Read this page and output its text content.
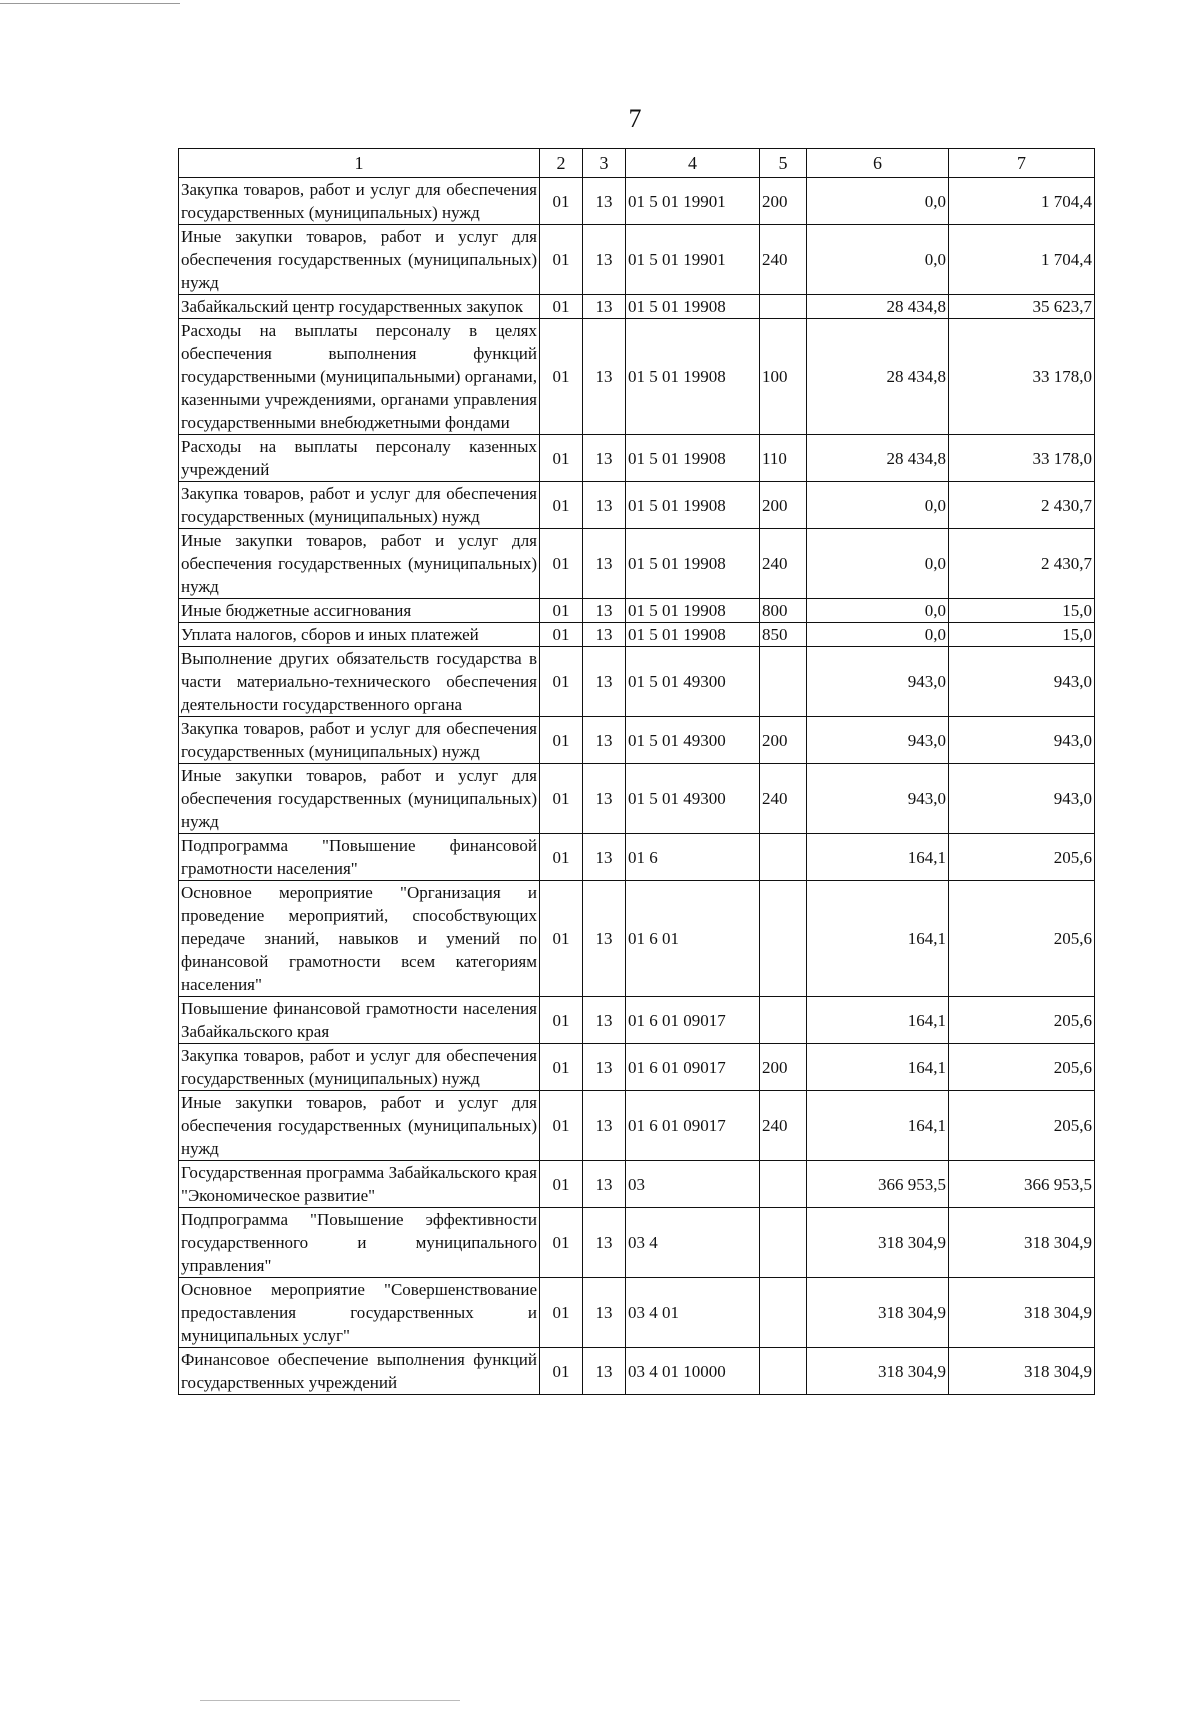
7
1	2	3	4	5	6	7
Закупка товаров, работ и услуг для обеспечения государственных (муниципальных) нужд	01	13	01 5 01 19901	200	0,0	1 704,4
Иные закупки товаров, работ и услуг для обеспечения государственных (муниципальных) нужд	01	13	01 5 01 19901	240	0,0	1 704,4
Забайкальский центр государственных закупок	01	13	01 5 01 19908		28 434,8	35 623,7
Расходы на выплаты персоналу в целях обеспечения выполнения функций государственными (муниципальными) органами, казенными учреждениями, органами управления государственными внебюджетными фондами	01	13	01 5 01 19908	100	28 434,8	33 178,0
Расходы на выплаты персоналу казенных учреждений	01	13	01 5 01 19908	110	28 434,8	33 178,0
Закупка товаров, работ и услуг для обеспечения государственных (муниципальных) нужд	01	13	01 5 01 19908	200	0,0	2 430,7
Иные закупки товаров, работ и услуг для обеспечения государственных (муниципальных) нужд	01	13	01 5 01 19908	240	0,0	2 430,7
Иные бюджетные ассигнования	01	13	01 5 01 19908	800	0,0	15,0
Уплата налогов, сборов и иных платежей	01	13	01 5 01 19908	850	0,0	15,0
Выполнение других обязательств государства в части материально-технического обеспечения деятельности государственного органа	01	13	01 5 01 49300		943,0	943,0
Закупка товаров, работ и услуг для обеспечения государственных (муниципальных) нужд	01	13	01 5 01 49300	200	943,0	943,0
Иные закупки товаров, работ и услуг для обеспечения государственных (муниципальных) нужд	01	13	01 5 01 49300	240	943,0	943,0
Подпрограмма "Повышение финансовой грамотности населения"	01	13	01 6		164,1	205,6
Основное мероприятие "Организация и проведение мероприятий, способствующих передаче знаний, навыков и умений по финансовой грамотности всем категориям населения"	01	13	01 6 01		164,1	205,6
Повышение финансовой грамотности населения Забайкальского края	01	13	01 6 01 09017		164,1	205,6
Закупка товаров, работ и услуг для обеспечения государственных (муниципальных) нужд	01	13	01 6 01 09017	200	164,1	205,6
Иные закупки товаров, работ и услуг для обеспечения государственных (муниципальных) нужд	01	13	01 6 01 09017	240	164,1	205,6
Государственная программа Забайкальского края "Экономическое развитие"	01	13	03		366 953,5	366 953,5
Подпрограмма "Повышение эффективности государственного и муниципального управления"	01	13	03 4		318 304,9	318 304,9
Основное мероприятие "Совершенствование предоставления государственных и муниципальных услуг"	01	13	03 4 01		318 304,9	318 304,9
Финансовое обеспечение выполнения функций государственных учреждений	01	13	03 4 01 10000		318 304,9	318 304,9
